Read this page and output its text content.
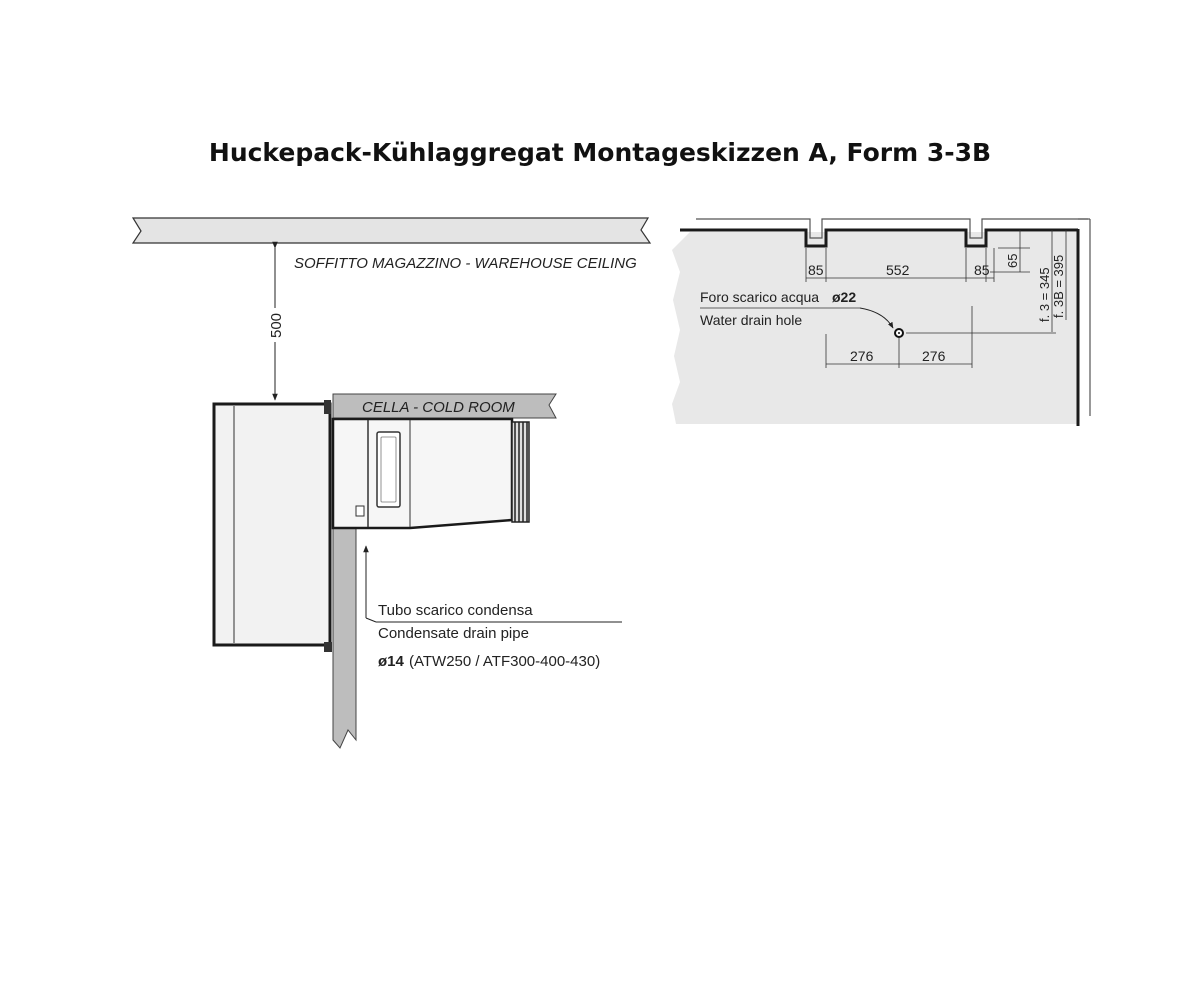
Huckepack-Kühlaggregat Montageskizzen A, Form 3-3B
SOFFITTO MAGAZZINO - WAREHOUSE CEILING
500
CELLA - COLD ROOM
Tubo scarico condensa
Condensate drain pipe
ø14 (ATW250 / ATF300-400-430)
85	552	85
65
f. 3 = 345 f. 3B = 395
Foro scarico acqua ø22
Water drain hole
276	276
